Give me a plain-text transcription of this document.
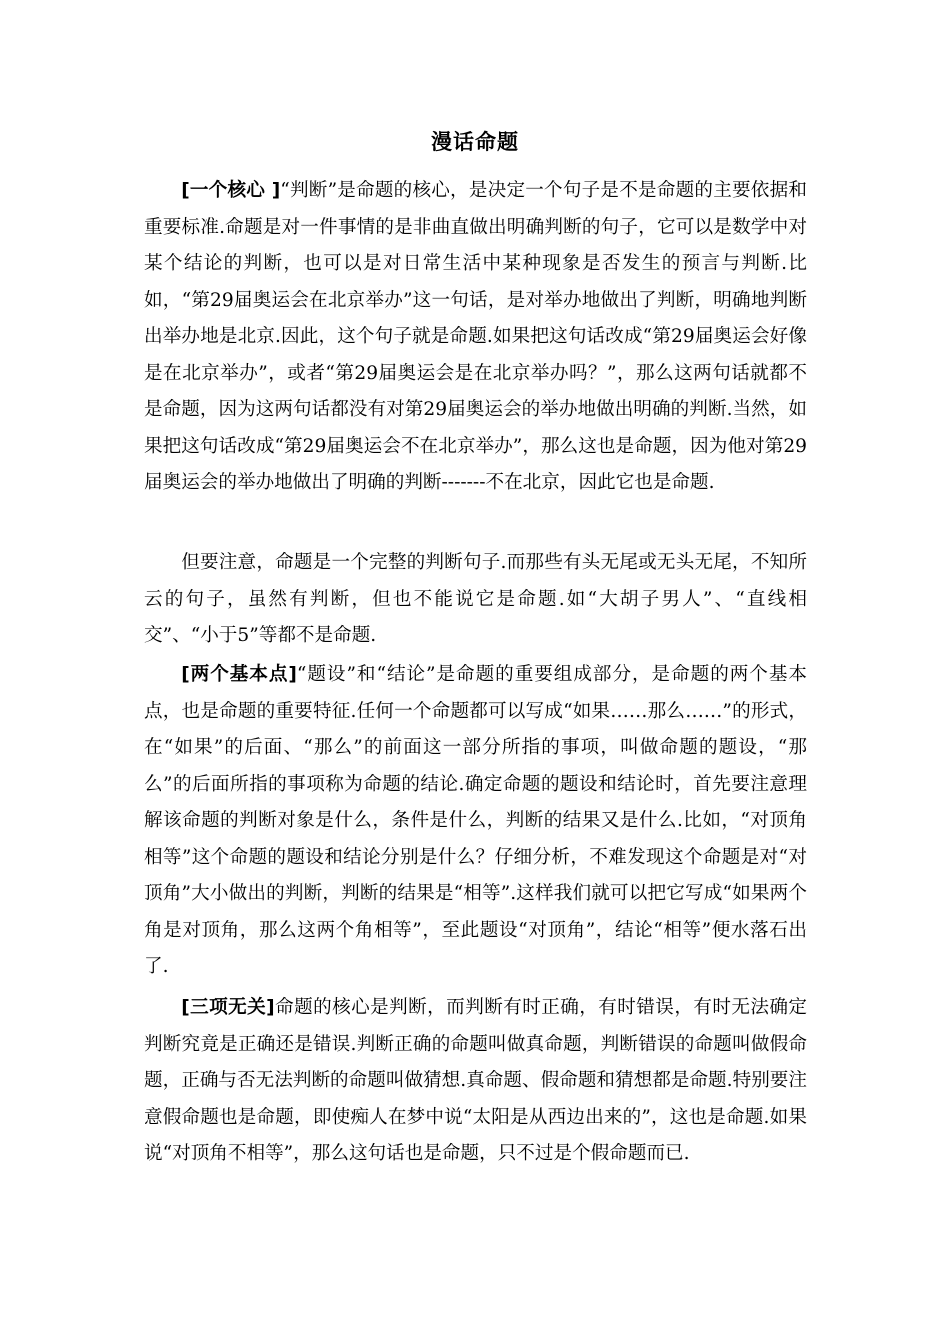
漫话命题

[一个核心 ]“判断”是命题的核心，是决定一个句子是不是命题的主要依据和重要标准.命题是对一件事情的是非曲直做出明确判断的句子，它可以是数学中对某个结论的判断，也可以是对日常生活中某种现象是否发生的预言与判断.比如，“第29届奥运会在北京举办”这一句话，是对举办地做出了判断，明确地判断出举办地是北京.因此，这个句子就是命题.如果把这句话改成“第29届奥运会好像是在北京举办”，或者“第29届奥运会是在北京举办吗？”，那么这两句话就都不是命题，因为这两句话都没有对第29届奥运会的举办地做出明确的判断.当然，如果把这句话改成“第29届奥运会不在北京举办”，那么这也是命题，因为他对第29届奥运会的举办地做出了明确的判断-------不在北京，因此它也是命题.

但要注意，命题是一个完整的判断句子.而那些有头无尾或无头无尾，不知所云的句子，虽然有判断，但也不能说它是命题.如“大胡子男人”、“直线相交”、“小于5”等都不是命题.

[两个基本点]“题设”和“结论”是命题的重要组成部分，是命题的两个基本点，也是命题的重要特征.任何一个命题都可以写成“如果……那么……”的形式，在“如果”的后面、“那么”的前面这一部分所指的事项，叫做命题的题设，“那么”的后面所指的事项称为命题的结论.确定命题的题设和结论时，首先要注意理解该命题的判断对象是什么，条件是什么，判断的结果又是什么.比如，“对顶角相等”这个命题的题设和结论分别是什么？仔细分析，不难发现这个命题是对“对顶角”大小做出的判断，判断的结果是“相等”.这样我们就可以把它写成“如果两个角是对顶角，那么这两个角相等”，至此题设“对顶角”，结论“相等”便水落石出了.

[三项无关]命题的核心是判断，而判断有时正确，有时错误，有时无法确定判断究竟是正确还是错误.判断正确的命题叫做真命题，判断错误的命题叫做假命题，正确与否无法判断的命题叫做猜想.真命题、假命题和猜想都是命题.特别要注意假命题也是命题，即使痴人在梦中说“太阳是从西边出来的”，这也是命题.如果说“对顶角不相等”，那么这句话也是命题，只不过是个假命题而已.
